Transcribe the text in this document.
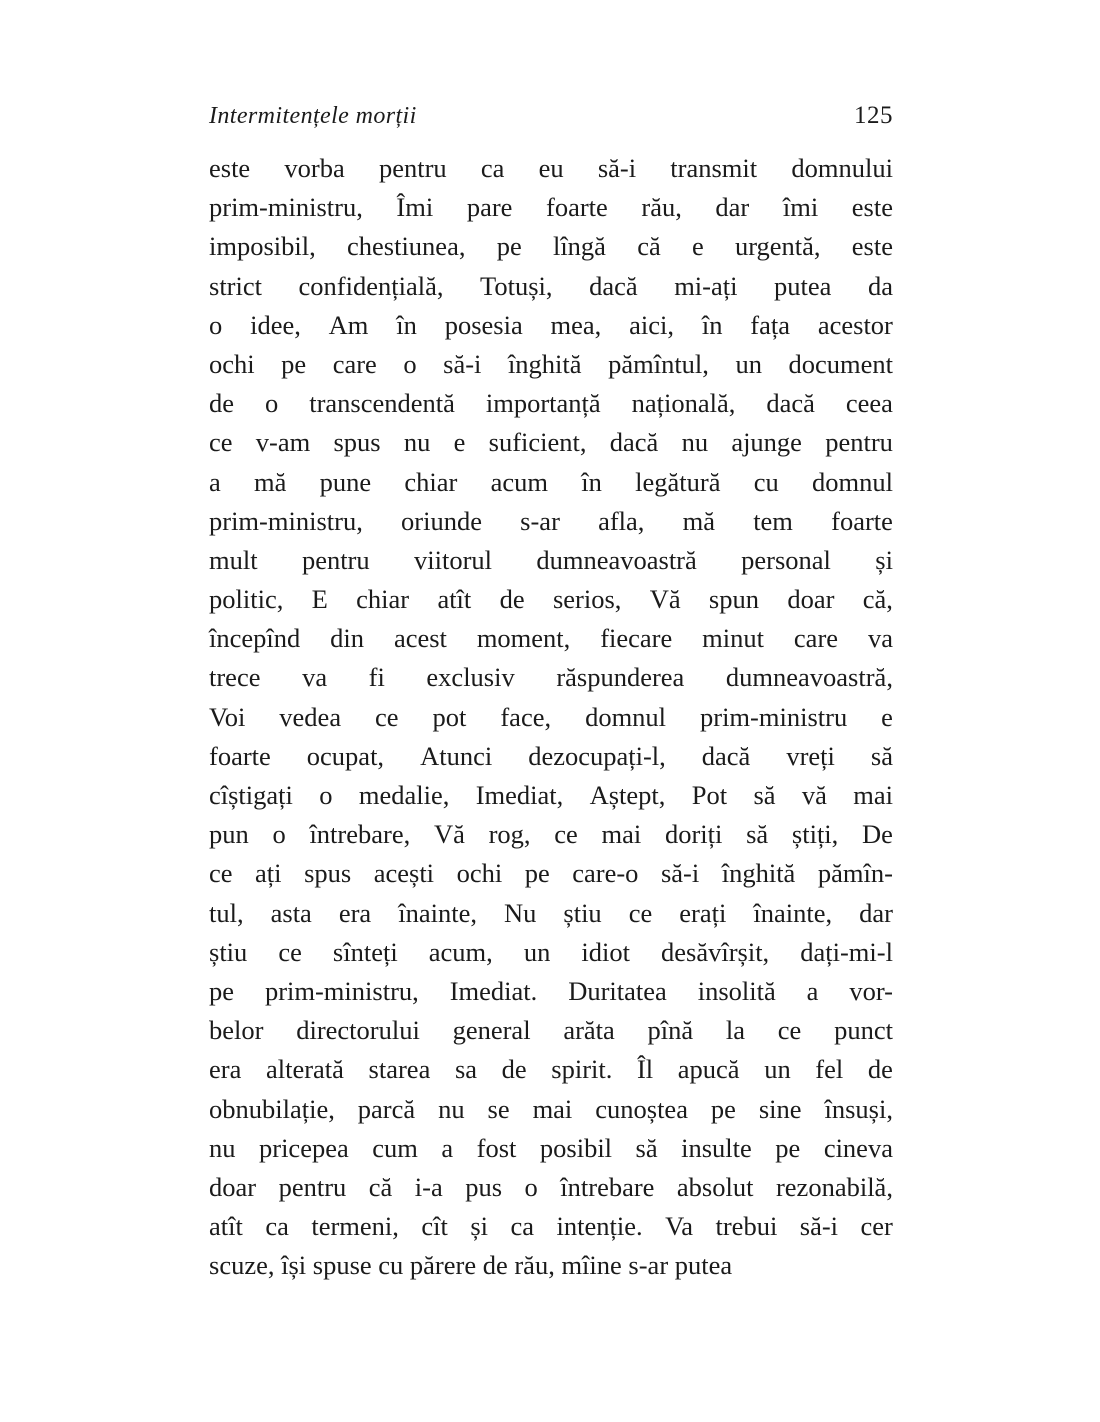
Intermitențele morții	125
este vorba pentru ca eu să-i transmit domnului
prim-ministru, Îmi pare foarte rău, dar îmi este
imposibil, chestiunea, pe lîngă că e urgentă, este
strict confidențială, Totuși, dacă mi-ați putea da
o idee, Am în posesia mea, aici, în fața acestor
ochi pe care o să-i înghită pămîntul, un document
de o transcendentă importanță națională, dacă ceea
ce v-am spus nu e suficient, dacă nu ajunge pentru
a mă pune chiar acum în legătură cu domnul
prim-ministru, oriunde s-ar afla, mă tem foarte
mult pentru viitorul dumneavoastră personal și
politic, E chiar atît de serios, Vă spun doar că,
începînd din acest moment, fiecare minut care va
trece va fi exclusiv răspunderea dumneavoastră,
Voi vedea ce pot face, domnul prim-ministru e
foarte ocupat, Atunci dezocupați-l, dacă vreți să
cîștigați o medalie, Imediat, Aștept, Pot să vă mai
pun o întrebare, Vă rog, ce mai doriți să știți, De
ce ați spus acești ochi pe care-o să-i înghită pămîn-
tul, asta era înainte, Nu știu ce erați înainte, dar
știu ce sînteți acum, un idiot desăvîrșit, dați-mi-l
pe prim-ministru, Imediat. Duritatea insolită a vor-
belor directorului general arăta pînă la ce punct
era alterată starea sa de spirit. Îl apucă un fel de
obnubilație, parcă nu se mai cunoștea pe sine însuși,
nu pricepea cum a fost posibil să insulte pe cineva
doar pentru că i-a pus o întrebare absolut rezonabilă,
atît ca termeni, cît și ca intenție. Va trebui să-i cer
scuze, își spuse cu părere de rău, mîine s-ar putea
